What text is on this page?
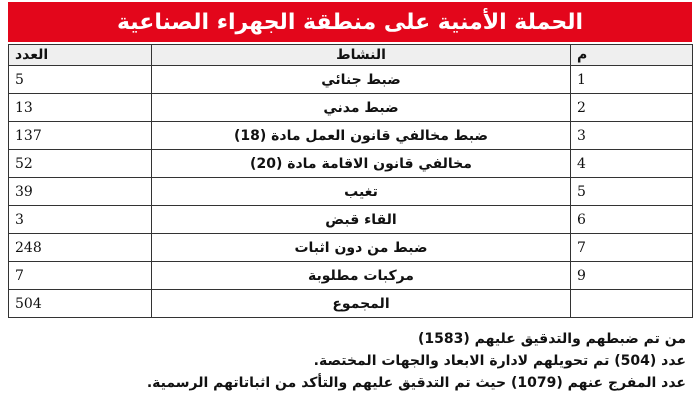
الحملة الأمنية على منطقة الجهراء الصناعية
العدد	النشاط	م
5	ضبط جنائي	1
13	ضبط مدني	2
137	ضبط مخالفي قانون العمل مادة (18)	3
52	مخالفي قانون الاقامة مادة (20)	4
39	تغيب	5
3	القاء قبض	6
248	ضبط من دون اثبات	7
7	مركبات مطلوبة	9
504	المجموع	
من تم ضبطهم والتدقيق عليهم (1583)
عدد (504) تم تحويلهم لادارة الابعاد والجهات المختصة.
عدد المفرج عنهم (1079) حيث تم التدقيق عليهم والتأكد من اثباتاتهم الرسمية.
